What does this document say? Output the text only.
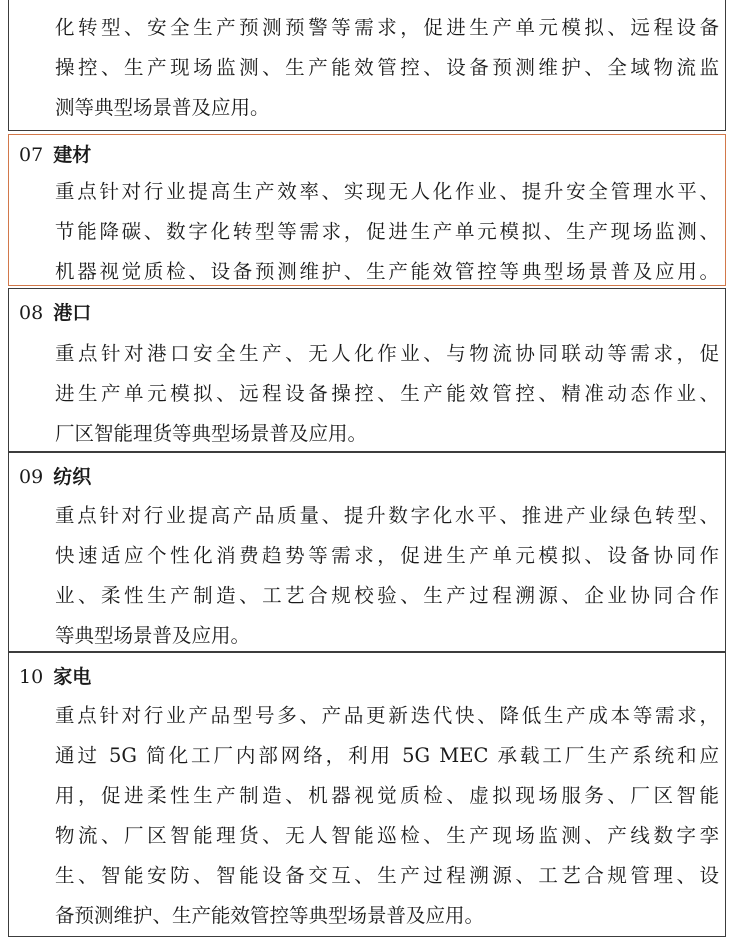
化转型、安全生产预测预警等需求，促进生产单元模拟、远程设备
操控、生产现场监测、生产能效管控、设备预测维护、全域物流监
测等典型场景普及应用。
07 建材
重点针对行业提高生产效率、实现无人化作业、提升安全管理水平、
节能降碳、数字化转型等需求，促进生产单元模拟、生产现场监测、
机器视觉质检、设备预测维护、生产能效管控等典型场景普及应用。
08 港口
重点针对港口安全生产、无人化作业、与物流协同联动等需求，促
进生产单元模拟、远程设备操控、生产能效管控、精准动态作业、
厂区智能理货等典型场景普及应用。
09 纺织
重点针对行业提高产品质量、提升数字化水平、推进产业绿色转型、
快速适应个性化消费趋势等需求，促进生产单元模拟、设备协同作
业、柔性生产制造、工艺合规校验、生产过程溯源、企业协同合作
等典型场景普及应用。
10 家电
重点针对行业产品型号多、产品更新迭代快、降低生产成本等需求，
通过 5G 简化工厂内部网络，利用 5G MEC 承载工厂生产系统和应
用，促进柔性生产制造、机器视觉质检、虚拟现场服务、厂区智能
物流、厂区智能理货、无人智能巡检、生产现场监测、产线数字孪
生、智能安防、智能设备交互、生产过程溯源、工艺合规管理、设
备预测维护、生产能效管控等典型场景普及应用。
